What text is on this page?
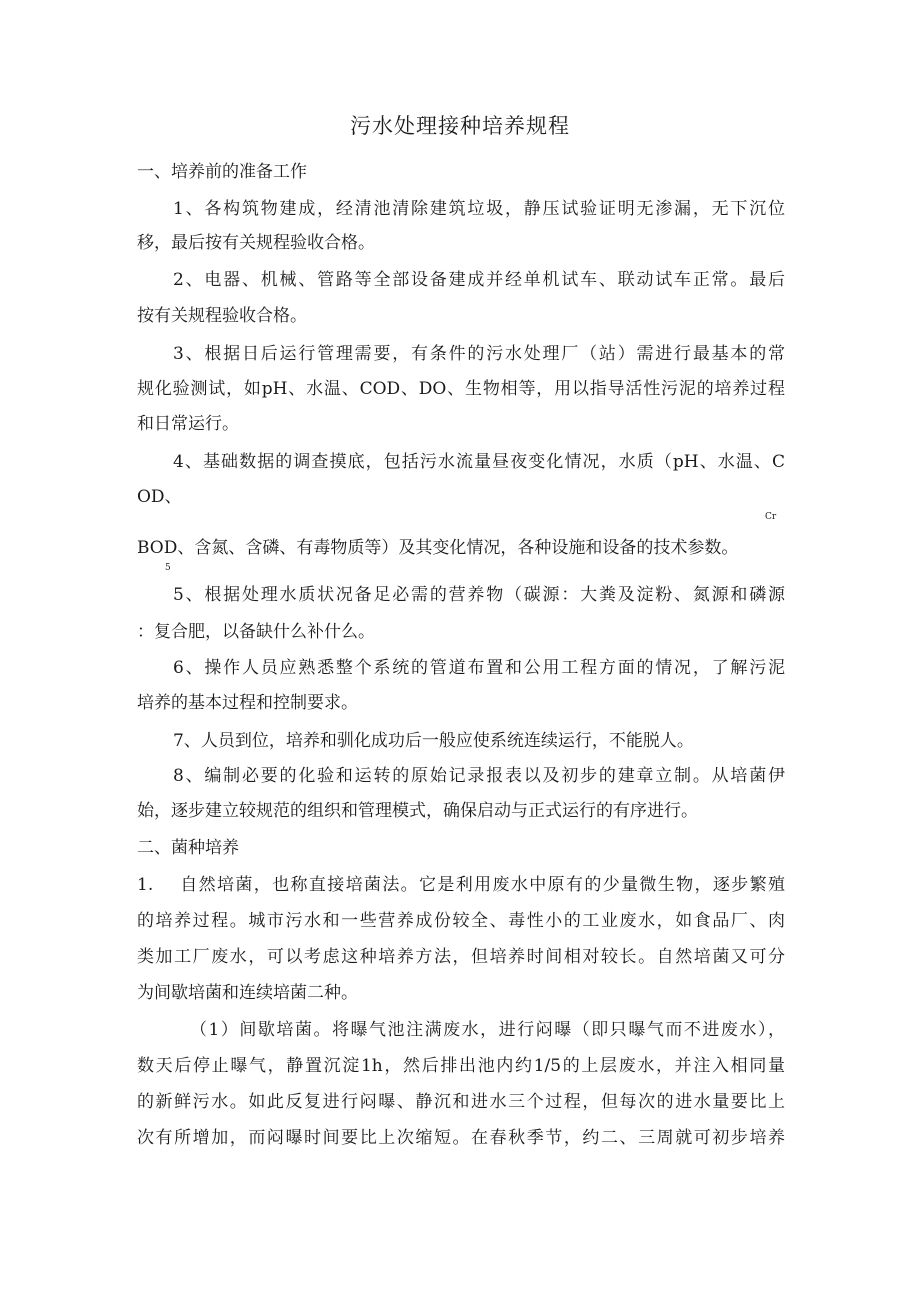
污水处理接种培养规程
一、培养前的准备工作
1、各构筑物建成，经清池清除建筑垃圾，静压试验证明无渗漏，无下沉位
移，最后按有关规程验收合格。
2、电器、机械、管路等全部设备建成并经单机试车、联动试车正常。最后
按有关规程验收合格。
3、根据日后运行管理需要，有条件的污水处理厂（站）需进行最基本的常
规化验测试，如pH、水温、COD、DO、生物相等，用以指导活性污泥的培养过程
和日常运行。
4、基础数据的调查摸底，包括污水流量昼夜变化情况，水质（pH、水温、C
OD、
Cr
BOD、含氮、含磷、有毒物质等）及其变化情况，各种设施和设备的技术参数。
5
5、根据处理水质状况备足必需的营养物（碳源：大粪及淀粉、氮源和磷源
：复合肥，以备缺什么补什么。
6、操作人员应熟悉整个系统的管道布置和公用工程方面的情况，了解污泥
培养的基本过程和控制要求。
7、人员到位，培养和驯化成功后一般应使系统连续运行，不能脱人。
8、编制必要的化验和运转的原始记录报表以及初步的建章立制。从培菌伊
始，逐步建立较规范的组织和管理模式，确保启动与正式运行的有序进行。
二、菌种培养
1.    自然培菌，也称直接培菌法。它是利用废水中原有的少量微生物，逐步繁殖
的培养过程。城市污水和一些营养成份较全、毒性小的工业废水，如食品厂、肉
类加工厂废水，可以考虑这种培养方法，但培养时间相对较长。自然培菌又可分
为间歇培菌和连续培菌二种。
（1）间歇培菌。将曝气池注满废水，进行闷曝（即只曝气而不进废水），
数天后停止曝气，静置沉淀1h，然后排出池内约1/5的上层废水，并注入相同量
的新鲜污水。如此反复进行闷曝、静沉和进水三个过程，但每次的进水量要比上
次有所增加，而闷曝时间要比上次缩短。在春秋季节，约二、三周就可初步培养
